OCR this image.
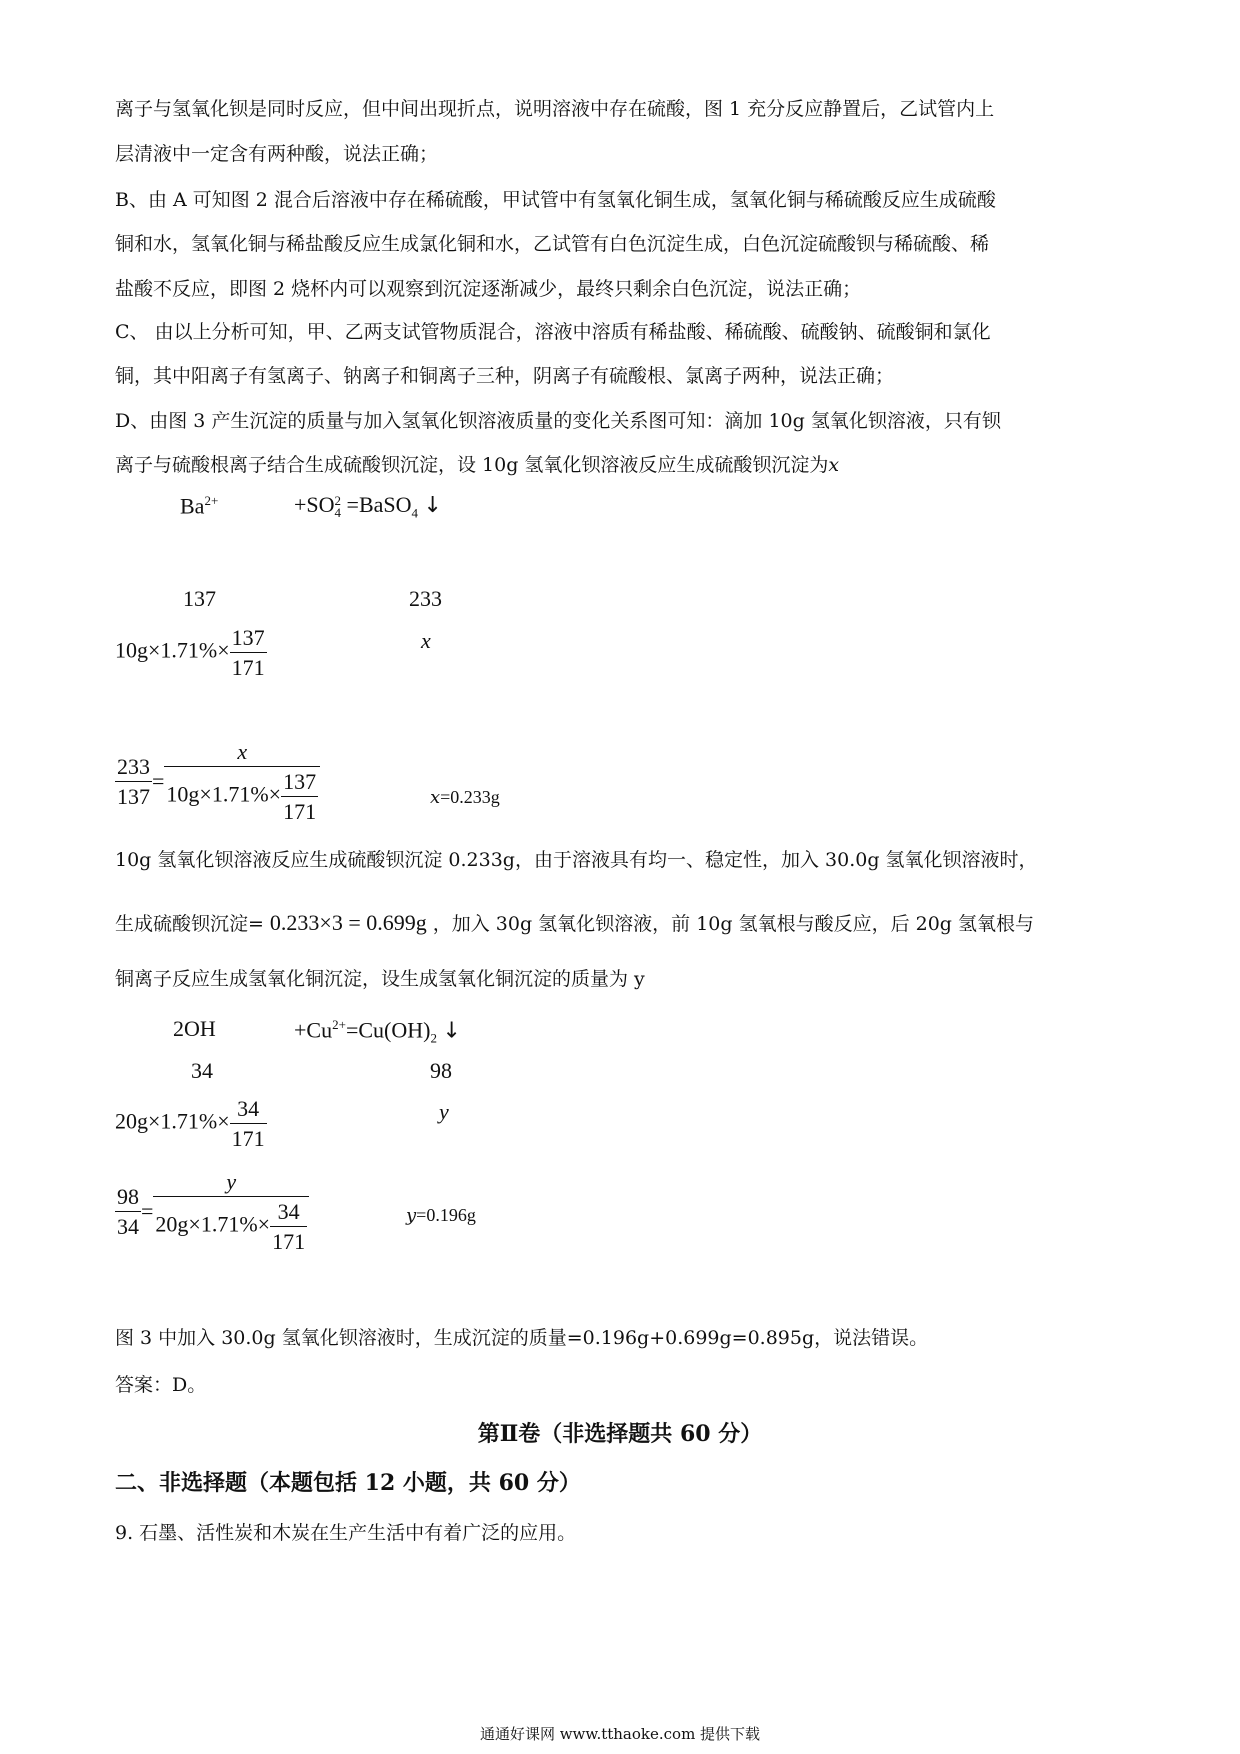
离子与氢氧化钡是同时反应，但中间出现折点，说明溶液中存在硫酸，图 1 充分反应静置后，乙试管内上
层清液中一定含有两种酸，说法正确；
B、由 A 可知图 2 混合后溶液中存在稀硫酸，甲试管中有氢氧化铜生成，氢氧化铜与稀硫酸反应生成硫酸
铜和水，氢氧化铜与稀盐酸反应生成氯化铜和水，乙试管有白色沉淀生成，白色沉淀硫酸钡与稀硫酸、稀
盐酸不反应，即图 2 烧杯内可以观察到沉淀逐渐减少，最终只剩余白色沉淀，说法正确；
C、 由以上分析可知，甲、乙两支试管物质混合，溶液中溶质有稀盐酸、稀硫酸、硫酸钠、硫酸铜和氯化
铜，其中阳离子有氢离子、钠离子和铜离子三种，阴离子有硫酸根、氯离子两种，说法正确；
D、由图 3 产生沉淀的质量与加入氢氧化钡溶液质量的变化关系图可知：滴加 10g 氢氧化钡溶液，只有钡
离子与硫酸根离子结合生成硫酸钡沉淀，设 10g 氢氧化钡溶液反应生成硫酸钡沉淀为x
$Ba^{2+}$	+SO 2
4 =BaSO$_4$ ↓
137	233
$10g\times 1.71\%\times \frac{137}{171}$	x
$\frac{233}{137} = \frac{x}{10g\times 1.71\%\times \frac{137}{171}}$	x=0.233g
10g 氢氧化钡溶液反应生成硫酸钡沉淀 0.233g，由于溶液具有均一、稳定性，加入 30.0g 氢氧化钡溶液时，
生成硫酸钡沉淀= 0.233×3 = 0.699g ，加入 30g 氢氧化钡溶液，前 10g 氢氧根与酸反应，后 20g 氢氧根与
铜离子反应生成氢氧化铜沉淀，设生成氢氧化铜沉淀的质量为 y
2OH	$+Cu^{2+}=Cu(OH)_2$ ↓
34	98
$20g\times 1.71\%\times \frac{34}{171}$	y
$\frac{98}{34} = \frac{y}{20g\times 1.71\%\times \frac{34}{171}}$	y=0.196g
图 3 中加入 30.0g 氢氧化钡溶液时，生成沉淀的质量=0.196g+0.699g=0.895g，说法错误。
答案：D。
第Ⅱ卷（非选择题共 60 分）
二、非选择题（本题包括 12 小题，共 60 分）
9. 石墨、活性炭和木炭在生产生活中有着广泛的应用。
通通好课网 www.tthaoke.com 提供下载
